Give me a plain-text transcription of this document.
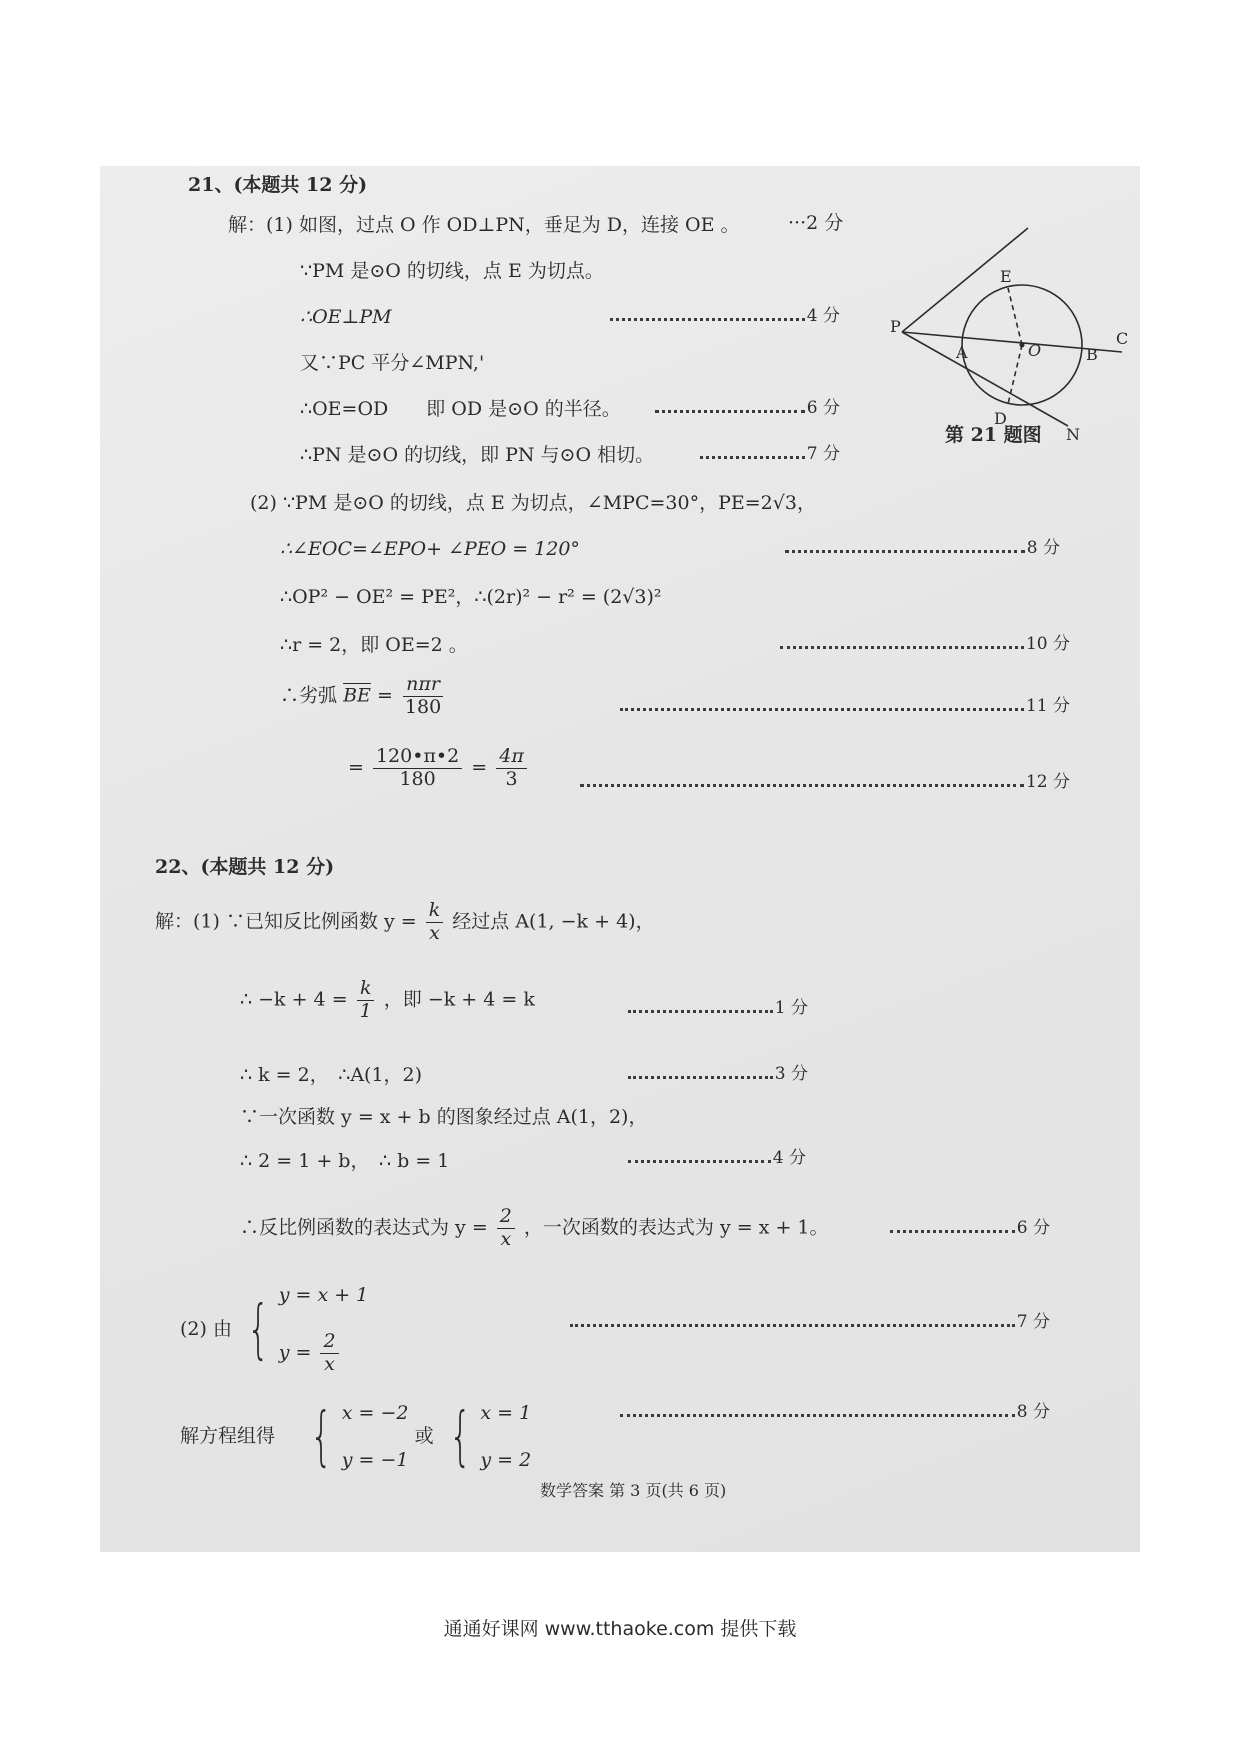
21、(本题共 12 分)
解：(1) 如图，过点 O 作 OD⊥PN，垂足为 D，连接 OE 。	···2 分
∵PM 是⊙O 的切线，点 E 为切点。
∴OE⊥PM	4 分
又∵PC 平分∠MPN,'
∴OE=OD　　即 OD 是⊙O 的半径。	6 分
∴PN 是⊙O 的切线，即 PN 与⊙O 相切。	7 分
P
E
A	O	B
C
D
N
第 21 题图
(2) ∵PM 是⊙O 的切线，点 E 为切点，∠MPC=30°，PE=2√3，
∴∠EOC=∠EPO+ ∠PEO = 120°	8 分
∴OP² − OE² = PE²，∴(2r)² − r² = (2√3)²
∴r = 2，即 OE=2 。	10 分
∴劣弧 $\overline{BE} = \frac{\text{nπr}}{180}$	11 分
= $\frac{120•\pi•2}{180} = \frac{4\pi}{3}$	12 分
22、(本题共 12 分)
解：(1) ∵已知反比例函数 $y = \frac{k}{x}$ 经过点 A(1, −k + 4)，
∴ $-k + 4 = \frac{k}{1}$ ，即 −k + 4 = k	1 分
∴ k = 2，　∴A(1，2)	3 分
∵一次函数 y = x + b 的图象经过点 A(1，2)，
∴ 2 = 1 + b，　∴ b = 1	4 分
∴反比例函数的表达式为 $y = \frac{2}{x}$ ，一次函数的表达式为 y = x + 1。	6 分
(2) 由 { y = x + 1
$y = \frac{2}{x}$
7 分
解方程组得 { x = −2
y = −1
或 { x = 1
y = 2
8 分
数学答案 第 3 页(共 6 页)
通通好课网 www.tthaoke.com 提供下载
